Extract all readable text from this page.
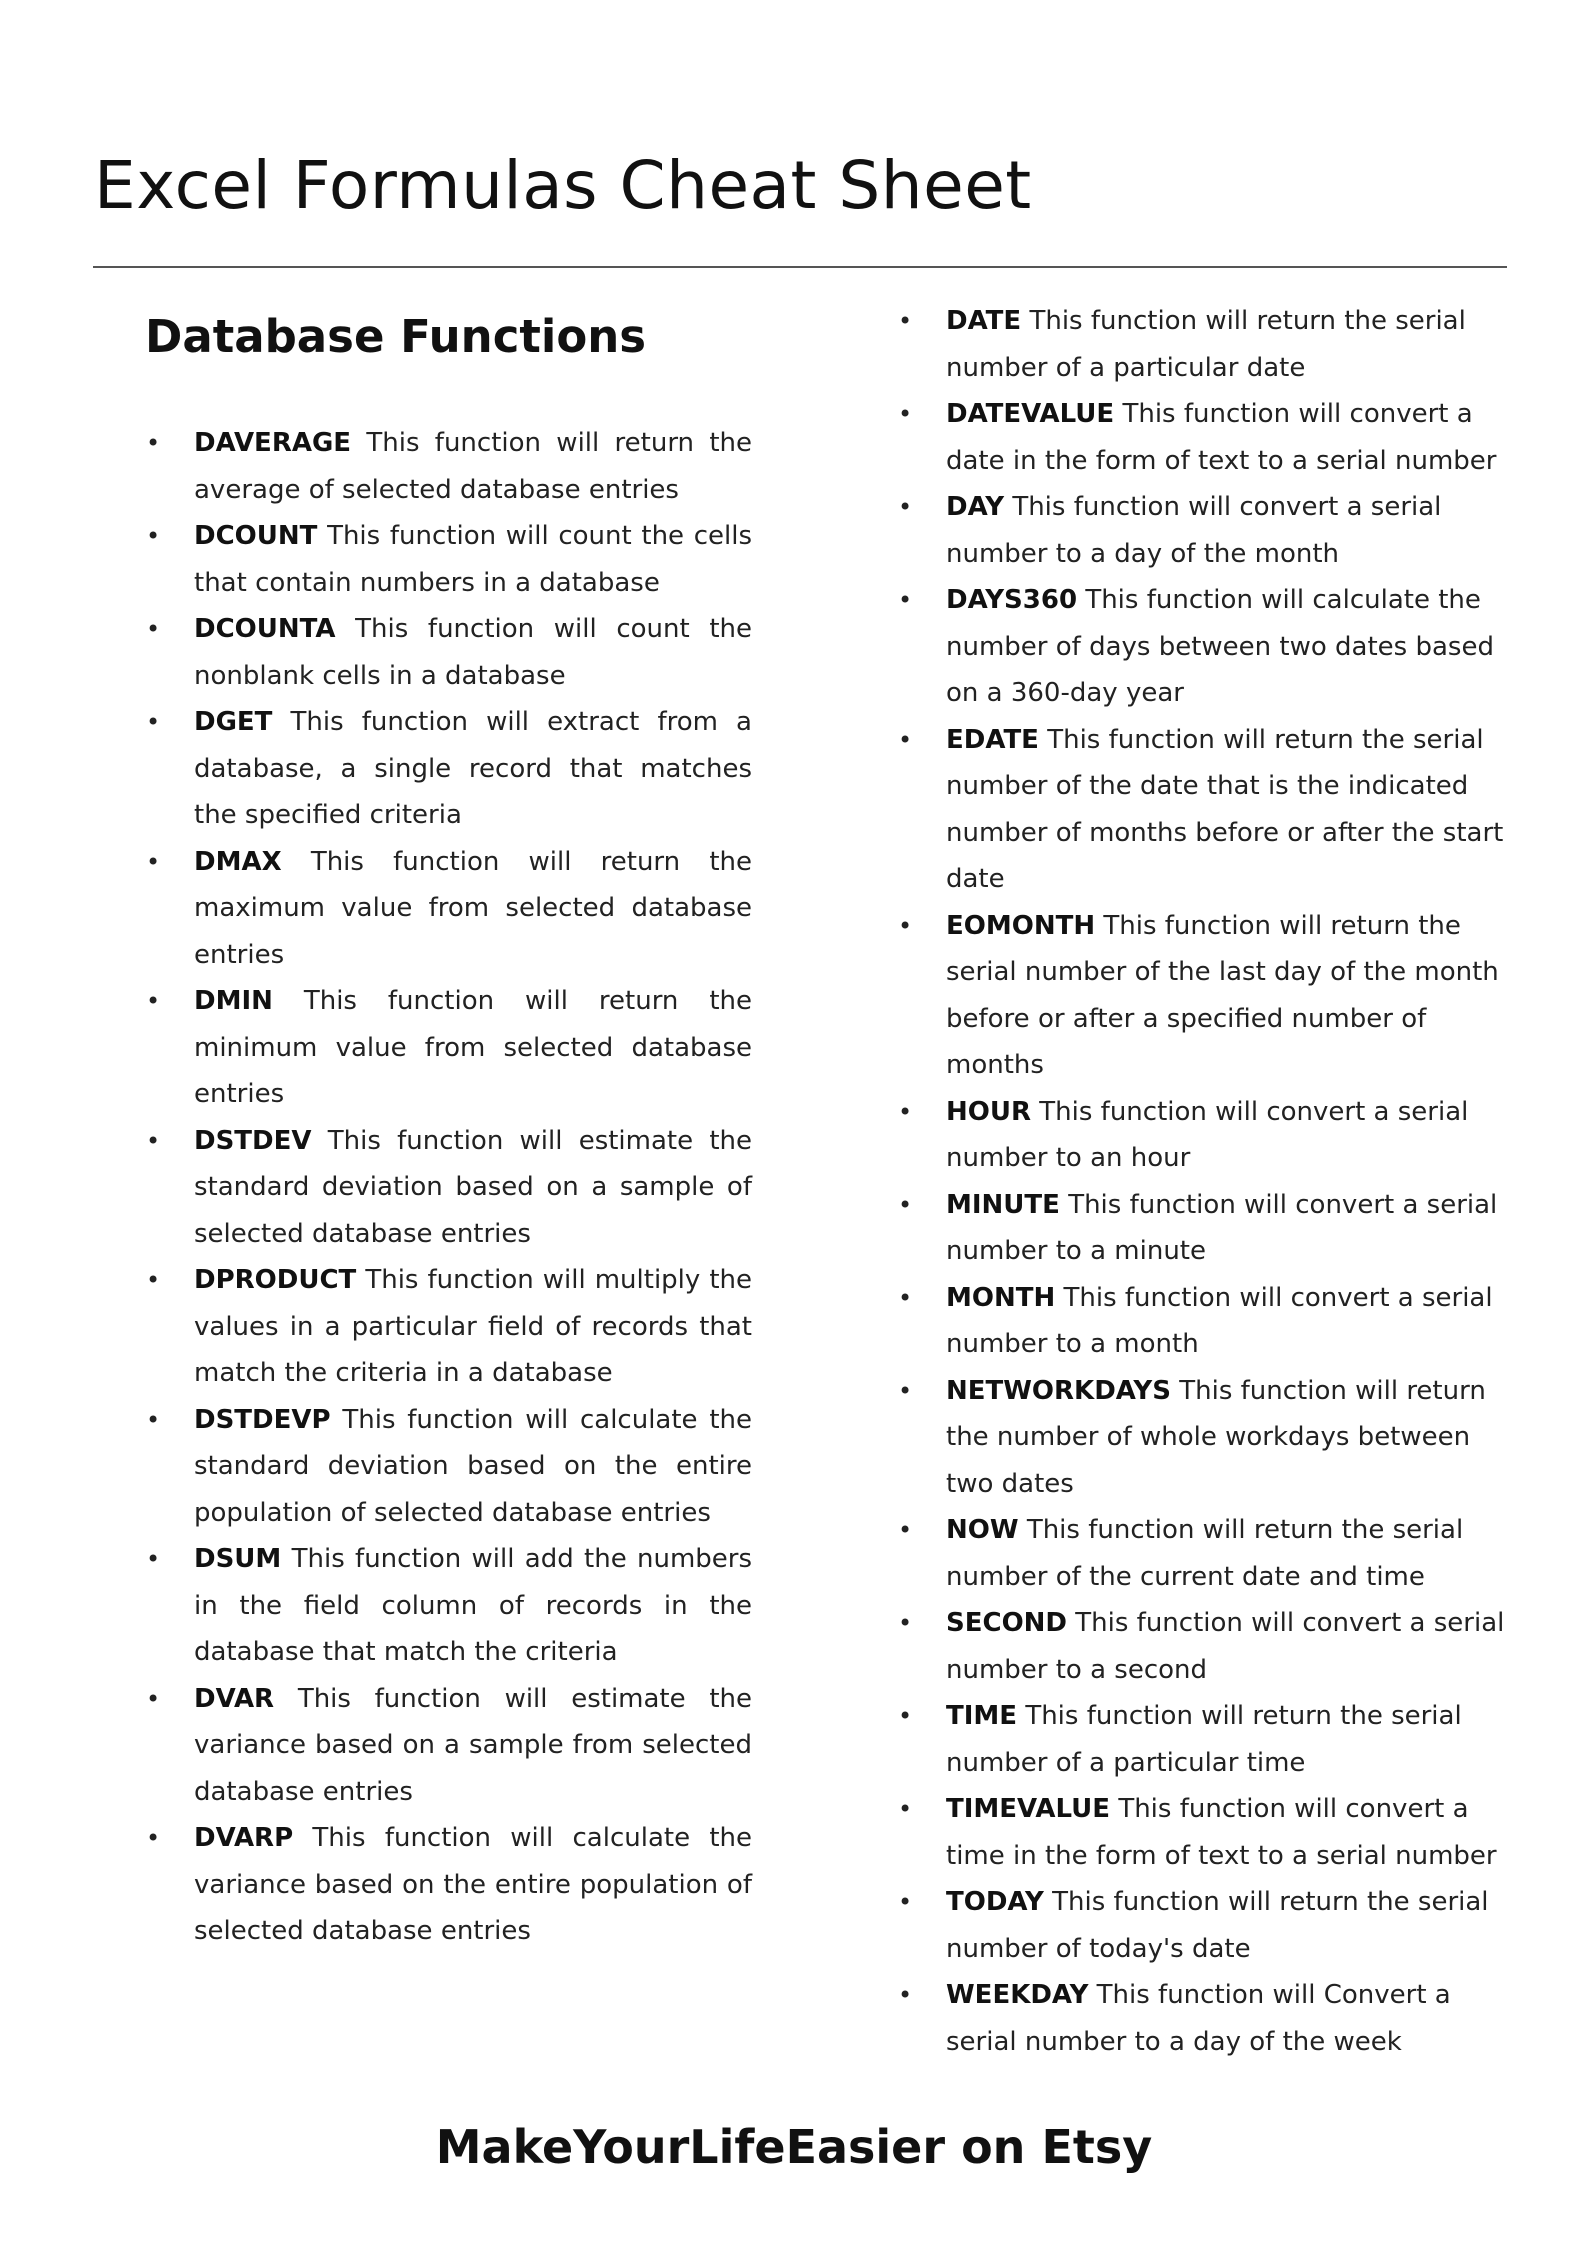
Excel Formulas Cheat Sheet
Database Functions
• DAVERAGE This function will return the average of selected database entries
• DCOUNT This function will count the cells that contain numbers in a database
• DCOUNTA This function will count the nonblank cells in a database
• DGET This function will extract from a database, a single record that matches the specified criteria
• DMAX This function will return the maximum value from selected database entries
• DMIN This function will return the minimum value from selected database entries
• DSTDEV This function will estimate the standard deviation based on a sample of selected database entries
• DPRODUCT This function will multiply the values in a particular field of records that match the criteria in a database
• DSTDEVP This function will calculate the standard deviation based on the entire population of selected database entries
• DSUM This function will add the numbers in the field column of records in the database that match the criteria
• DVAR This function will estimate the variance based on a sample from selected database entries
• DVARP This function will calculate the variance based on the entire population of selected database entries
• DATE This function will return the serial number of a particular date
• DATEVALUE This function will convert a date in the form of text to a serial number
• DAY This function will convert a serial number to a day of the month
• DAYS360 This function will calculate the number of days between two dates based on a 360-day year
• EDATE This function will return the serial number of the date that is the indicated number of months before or after the start date
• EOMONTH This function will return the serial number of the last day of the month before or after a specified number of months
• HOUR This function will convert a serial number to an hour
• MINUTE This function will convert a serial number to a minute
• MONTH This function will convert a serial number to a month
• NETWORKDAYS This function will return the number of whole workdays between two dates
• NOW This function will return the serial number of the current date and time
• SECOND This function will convert a serial number to a second
• TIME This function will return the serial number of a particular time
• TIMEVALUE This function will convert a time in the form of text to a serial number
• TODAY This function will return the serial number of today's date
• WEEKDAY This function will Convert a serial number to a day of the week

MakeYourLifeEasier on Etsy
